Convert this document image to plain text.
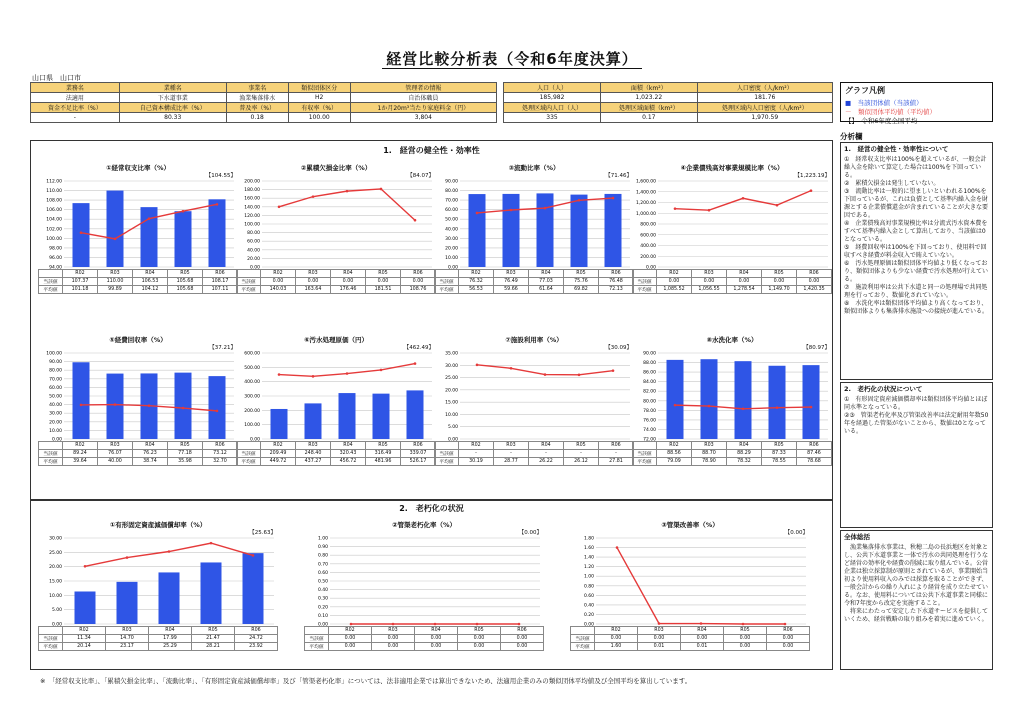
経営比較分析表（令和6年度決算）
山口県　山口市
業務名	業種名	事業名	類似団体区分	管理者の情報
法適用	下水道事業	漁業集落排水	H2	自治体職員
資金不足比率（%）	自己資本構成比率（%）	普及率（%）	有収率（%）	1か月20m³当たり家庭料金（円）
-	80.33	0.18	100.00	3,804
人口（人）	面積（km²）	人口密度（人/km²）
185,982	1,023.22	181.76
処理区域内人口（人）	処理区域面積（km²）	処理区域内人口密度（人/km²）
335	0.17	1,970.59
グラフ凡例
■　当該団体値（当該値）
－　類似団体平均値（平均値）
【】　令和6年度全国平均
1.　経営の健全性・効率性
2.　老朽化の状況
①経常収支比率（%）
【104.55】
112.00
110.00
108.00
106.00
104.00
102.00
100.00
98.00
96.00
94.00
	R02	R03	R04	R05	R06
当該値	107.37	110.00	106.53	105.68	108.17
平均値	101.18	99.89	104.12	105.68	107.11
②累積欠損金比率（%）
【84.07】
200.00
180.00
160.00
140.00
120.00
100.00
80.00
60.00
40.00
20.00
0.00
	R02	R03	R04	R05	R06
当該値	0.00	0.00	0.00	0.00	0.00
平均値	140.03	163.64	176.46	181.51	108.76
③流動比率（%）
【71.46】
90.00
80.00
70.00
60.00
50.00
40.00
30.00
20.00
10.00
0.00
	R02	R03	R04	R05	R06
当該値	76.32	76.49	77.03	75.76	76.48
平均値	56.53	59.66	61.64	69.82	72.13
④企業債残高対事業規模比率（%）
【1,223.19】
1,600.00
1,400.00
1,200.00
1,000.00
800.00
600.00
400.00
200.00
0.00
	R02	R03	R04	R05	R06
当該値	0.00	0.00	0.00	0.00	0.00
平均値	1,085.52	1,056.55	1,278.54	1,149.70	1,420.35
⑤経費回収率（%）
【37.21】
100.00
90.00
80.00
70.00
60.00
50.00
40.00
30.00
20.00
10.00
0.00
	R02	R03	R04	R05	R06
当該値	89.24	76.07	76.23	77.18	73.12
平均値	39.64	40.00	38.74	35.98	32.70
⑥汚水処理原価（円）
【462.49】
600.00
500.00
400.00
300.00
200.00
100.00
0.00
	R02	R03	R04	R05	R06
当該値	209.49	248.40	320.43	316.49	339.07
平均値	449.72	437.27	456.72	481.96	526.17
⑦施設利用率（%）
【30.09】
35.00
30.00
25.00
20.00
15.00
10.00
5.00
0.00
	R02	R03	R04	R05	R06
当該値	-	-	-	-	-
平均値	30.19	28.77	26.22	26.12	27.81
⑧水洗化率（%）
【80.97】
90.00
88.00
86.00
84.00
82.00
80.00
78.00
76.00
74.00
72.00
	R02	R03	R04	R05	R06
当該値	88.56	88.70	88.29	87.33	87.46
平均値	79.09	78.90	78.32	78.55	78.68
①有形固定資産減価償却率（%）
【25.63】
30.00
25.00
20.00
15.00
10.00
5.00
0.00
	R02	R03	R04	R05	R06
当該値	11.34	14.70	17.99	21.47	24.72
平均値	20.14	23.17	25.29	28.21	23.92
②管渠老朽化率（%）
【0.00】
1.00
0.90
0.80
0.70
0.60
0.50
0.40
0.30
0.20
0.10
0.00
	R02	R03	R04	R05	R06
当該値	0.00	0.00	0.00	0.00	0.00
平均値	0.00	0.00	0.00	0.00	0.00
③管渠改善率（%）
【0.00】
1.80
1.60
1.40
1.20
1.00
0.80
0.60
0.40
0.20
0.00
	R02	R03	R04	R05	R06
当該値	0.00	0.00	0.00	0.00	0.00
平均値	1.60	0.01	0.01	0.00	0.00
分析欄
1.　経営の健全性・効率性について

①　経常収支比率は100%を超えているが、一般会計繰入金を除いて算定した場合は100%を下回っている。
②　累積欠損金は発生していない。
③　流動比率は一般的に望ましいといわれる100%を下回っているが、これは負債として基準内繰入金を財源とする企業債償還金が含まれていることが大きな要因である。
④　企業債残高対事業規模比率は分流式汚水資本費をすべて基準内繰入金として算出しており、当該値は0となっている。
⑤　経費回収率は100%を下回っており、使用料で回収すべき経費が料金収入で賄えていない。
⑥　汚水処理原価は類似団体平均値より低くなっており、類似団体よりも少ない経費で汚水処理が行えている。
⑦　施設利用率は公共下水道と同一の処理場で共同処理を行っており、数値化されていない。
⑧　水洗化率は類似団体平均値より高くなっており、類似団体よりも集落排水施設への接続が進んでいる。

2.　老朽化の状況について

①　有形固定資産減価償却率は類似団体平均値とほぼ同水準となっている。
②③　管渠老朽化率及び管渠改善率は法定耐用年数50年を経過した管渠がないことから、数値は0となっている。

全体総括

　漁業集落排水事業は、秋穂二島の長浜地区を対象とし、公共下水道事業と一体で汚水の共同処理を行うなど経営の効率化や経費の削減に取り組んでいる。公営企業は独立採算制が原則とされているが、事業開始当初より使用料収入のみでは採算を取ることができず、一般会計からの繰り入れにより経営を成り立たせている。なお、使用料については公共下水道事業と同様に令和7年度から改定を実施すること。
　将来にわたって安定した下水道サービスを提供していくため、経営戦略の取り組みを着実に進めていく。

※　「経常収支比率」、「累積欠損金比率」、「流動比率」、「有形固定資産減価償却率」及び「管渠老朽化率」については、法非適用企業では算出できないため、法適用企業のみの類似団体平均値及び全国平均を算出しています。
